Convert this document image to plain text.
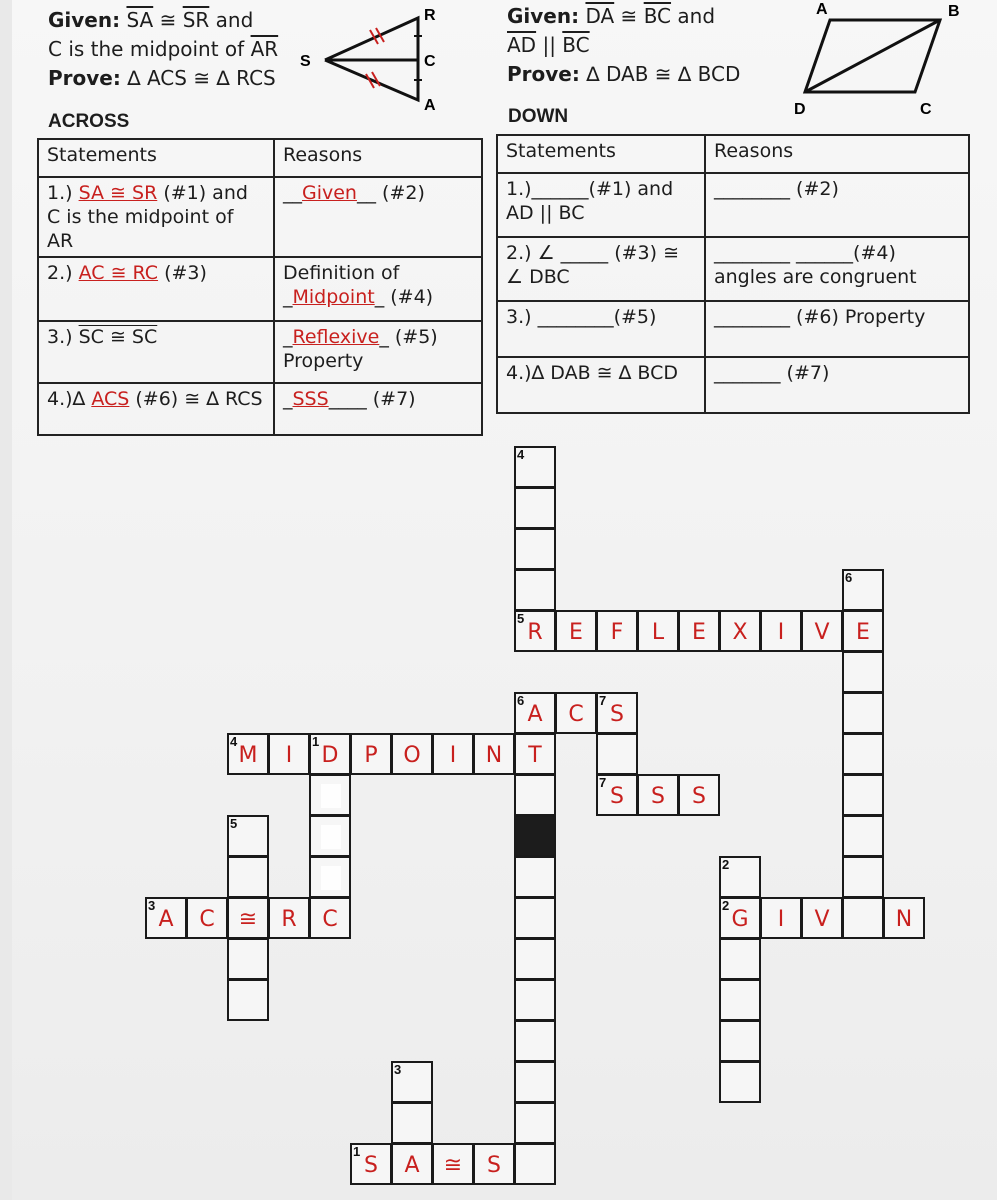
Given: $\overline{SA}$ ≅ $\overline{SR}$ and
C is the midpoint of $\overline{AR}$
Prove: ∆ ACS ≅ ∆ RCS
R
S	C
A
Given: $\overline{DA}$ ≅ $\overline{BC}$ and
$\overline{AD}$ || $\overline{BC}$
Prove: ∆ DAB ≅ ∆ BCD
A	B
D	C
ACROSS	DOWN
Statements	Reasons
1.) SA ≅ SR (#1) and C is the midpoint of AR	__Given__ (#2)
2.) AC ≅ RC (#3)	Definition of
_Midpoint_ (#4)
3.) SC ≅ SC	_Reflexive_ (#5) Property
4.)∆ ACS (#6) ≅ ∆ RCS	_SSS____ (#7)
Statements	Reasons
1.)______(#1) and AD || BC	________ (#2)
2.) ∠ _____ (#3) ≅ ∠ DBC	________ ______(#4) angles are congruent
3.) ________(#5)	________ (#6) Property
4.)∆ DAB ≅ ∆ BCD	_______ (#7)
4
5
R	E	F	L	E	X	I	V	E
6
6
A	C
7
S
4
M	I
1
D	P	O	I	N	T
7
S	S	S
C
3
A	C	≅	R
5
2
2
G
3
1
S	A	≅	S
I	V	N
